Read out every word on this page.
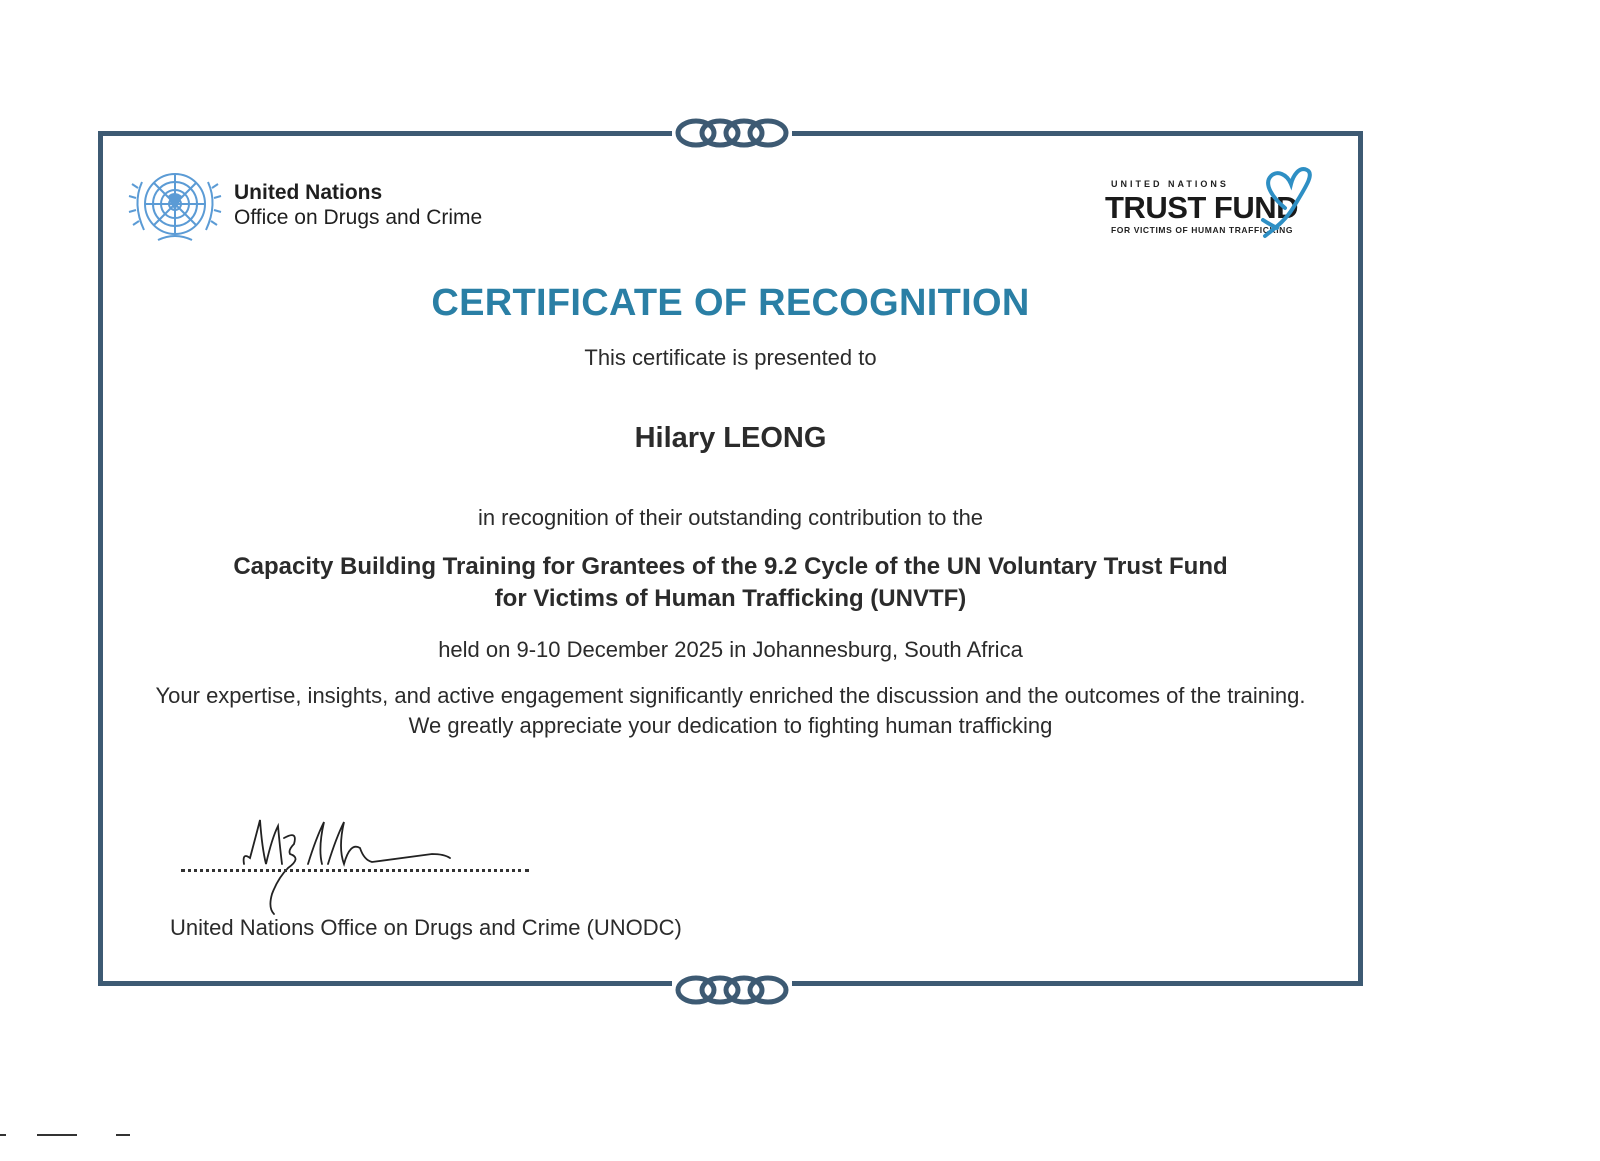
United Nations
Office on Drugs and Crime
UNITED NATIONS
TRUST FUND
FOR VICTIMS OF HUMAN TRAFFICKING
CERTIFICATE OF RECOGNITION
This certificate is presented to
Hilary LEONG
in recognition of their outstanding contribution to the
Capacity Building Training for Grantees of the 9.2 Cycle of the UN Voluntary Trust Fund for Victims of Human Trafficking (UNVTF)
held on 9-10 December 2025 in Johannesburg, South Africa
Your expertise, insights, and active engagement significantly enriched the discussion and the outcomes of the training.
We greatly appreciate your dedication to fighting human trafficking
United Nations Office on Drugs and Crime (UNODC)
